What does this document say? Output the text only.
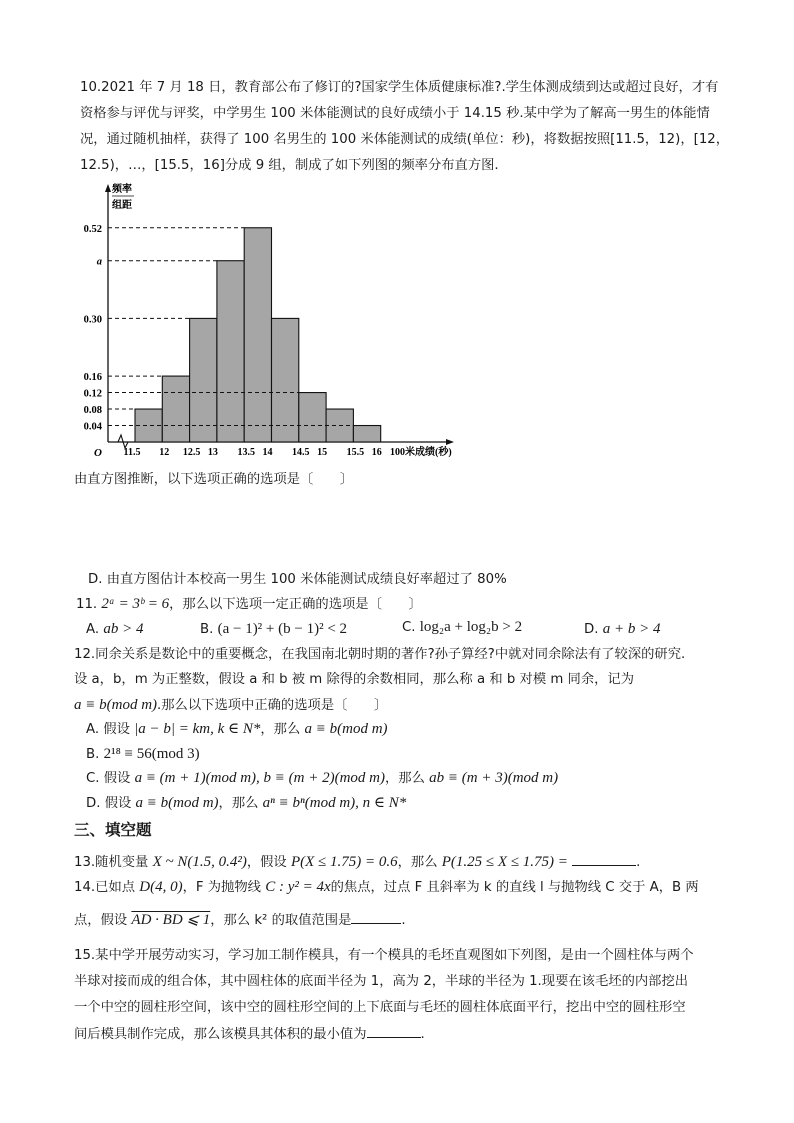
10.2021 年 7 月 18 日，教育部公布了修订的?国家学生体质健康标准?.学生体测成绩到达或超过良好，才有
资格参与评优与评奖，中学男生 100 米体能测试的良好成绩小于 14.15 秒.某中学为了解高一男生的体能情
况，通过随机抽样，获得了 100 名男生的 100 米体能测试的成绩(单位：秒)，将数据按照[11.5，12)，[12，
12.5)，…，[15.5，16]分成 9 组，制成了如下列图的频率分布直方图.
频率
组距
O
0.52
a
0.30
0.16
0.12
0.08
0.04
11.5 12 12.5 13 13.5 14 14.5 15 15.5 16 100米成绩(秒)
由直方图推断，以下选项正确的选项是〔　　〕
D. 由直方图估计本校高一男生 100 米体能测试成绩良好率超过了 80%
11. 2ᵃ = 3ᵇ = 6，那么以下选项一定正确的选项是〔　　〕
A. ab > 4	B. (a − 1)² + (b − 1)² < 2	C. log₂a + log₂b > 2	D. a + b > 4
12.同余关系是数论中的重要概念，在我国南北朝时期的著作?孙子算经?中就对同余除法有了较深的研究.
设 a，b，m 为正整数，假设 a 和 b 被 m 除得的余数相同，那么称 a 和 b 对模 m 同余，记为
a ≡ b(mod m).那么以下选项中正确的选项是〔　　〕
A. 假设 |a − b| = km, k ∈ N*，那么 a ≡ b(mod m)
B. 2¹⁸ ≡ 56(mod 3)
C. 假设 a ≡ (m + 1)(mod m), b ≡ (m + 2)(mod m)，那么 ab ≡ (m + 3)(mod m)
D. 假设 a ≡ b(mod m)，那么 aⁿ ≡ bⁿ(mod m), n ∈ N*
三、填空题
13.随机变量 X ~ N(1.5, 0.4²)，假设 P(X ≤ 1.75) = 0.6，那么 P(1.25 ≤ X ≤ 1.75) =	.
14.已如点 D(4, 0)，F 为抛物线 C : y² = 4x的焦点，过点 F 且斜率为 k 的直线 l 与抛物线 C 交于 A，B 两
点，假设 AD · BD ⩽ 1，那么 k² 的取值范围是	.
15.某中学开展劳动实习，学习加工制作模具，有一个模具的毛坯直观图如下列图，是由一个圆柱体与两个
半球对接而成的组合体，其中圆柱体的底面半径为 1，高为 2，半球的半径为 1.现要在该毛坯的内部挖出
一个中空的圆柱形空间，该中空的圆柱形空间的上下底面与毛坯的圆柱体底面平行，挖出中空的圆柱形空
间后模具制作完成，那么该模具其体积的最小值为	.
